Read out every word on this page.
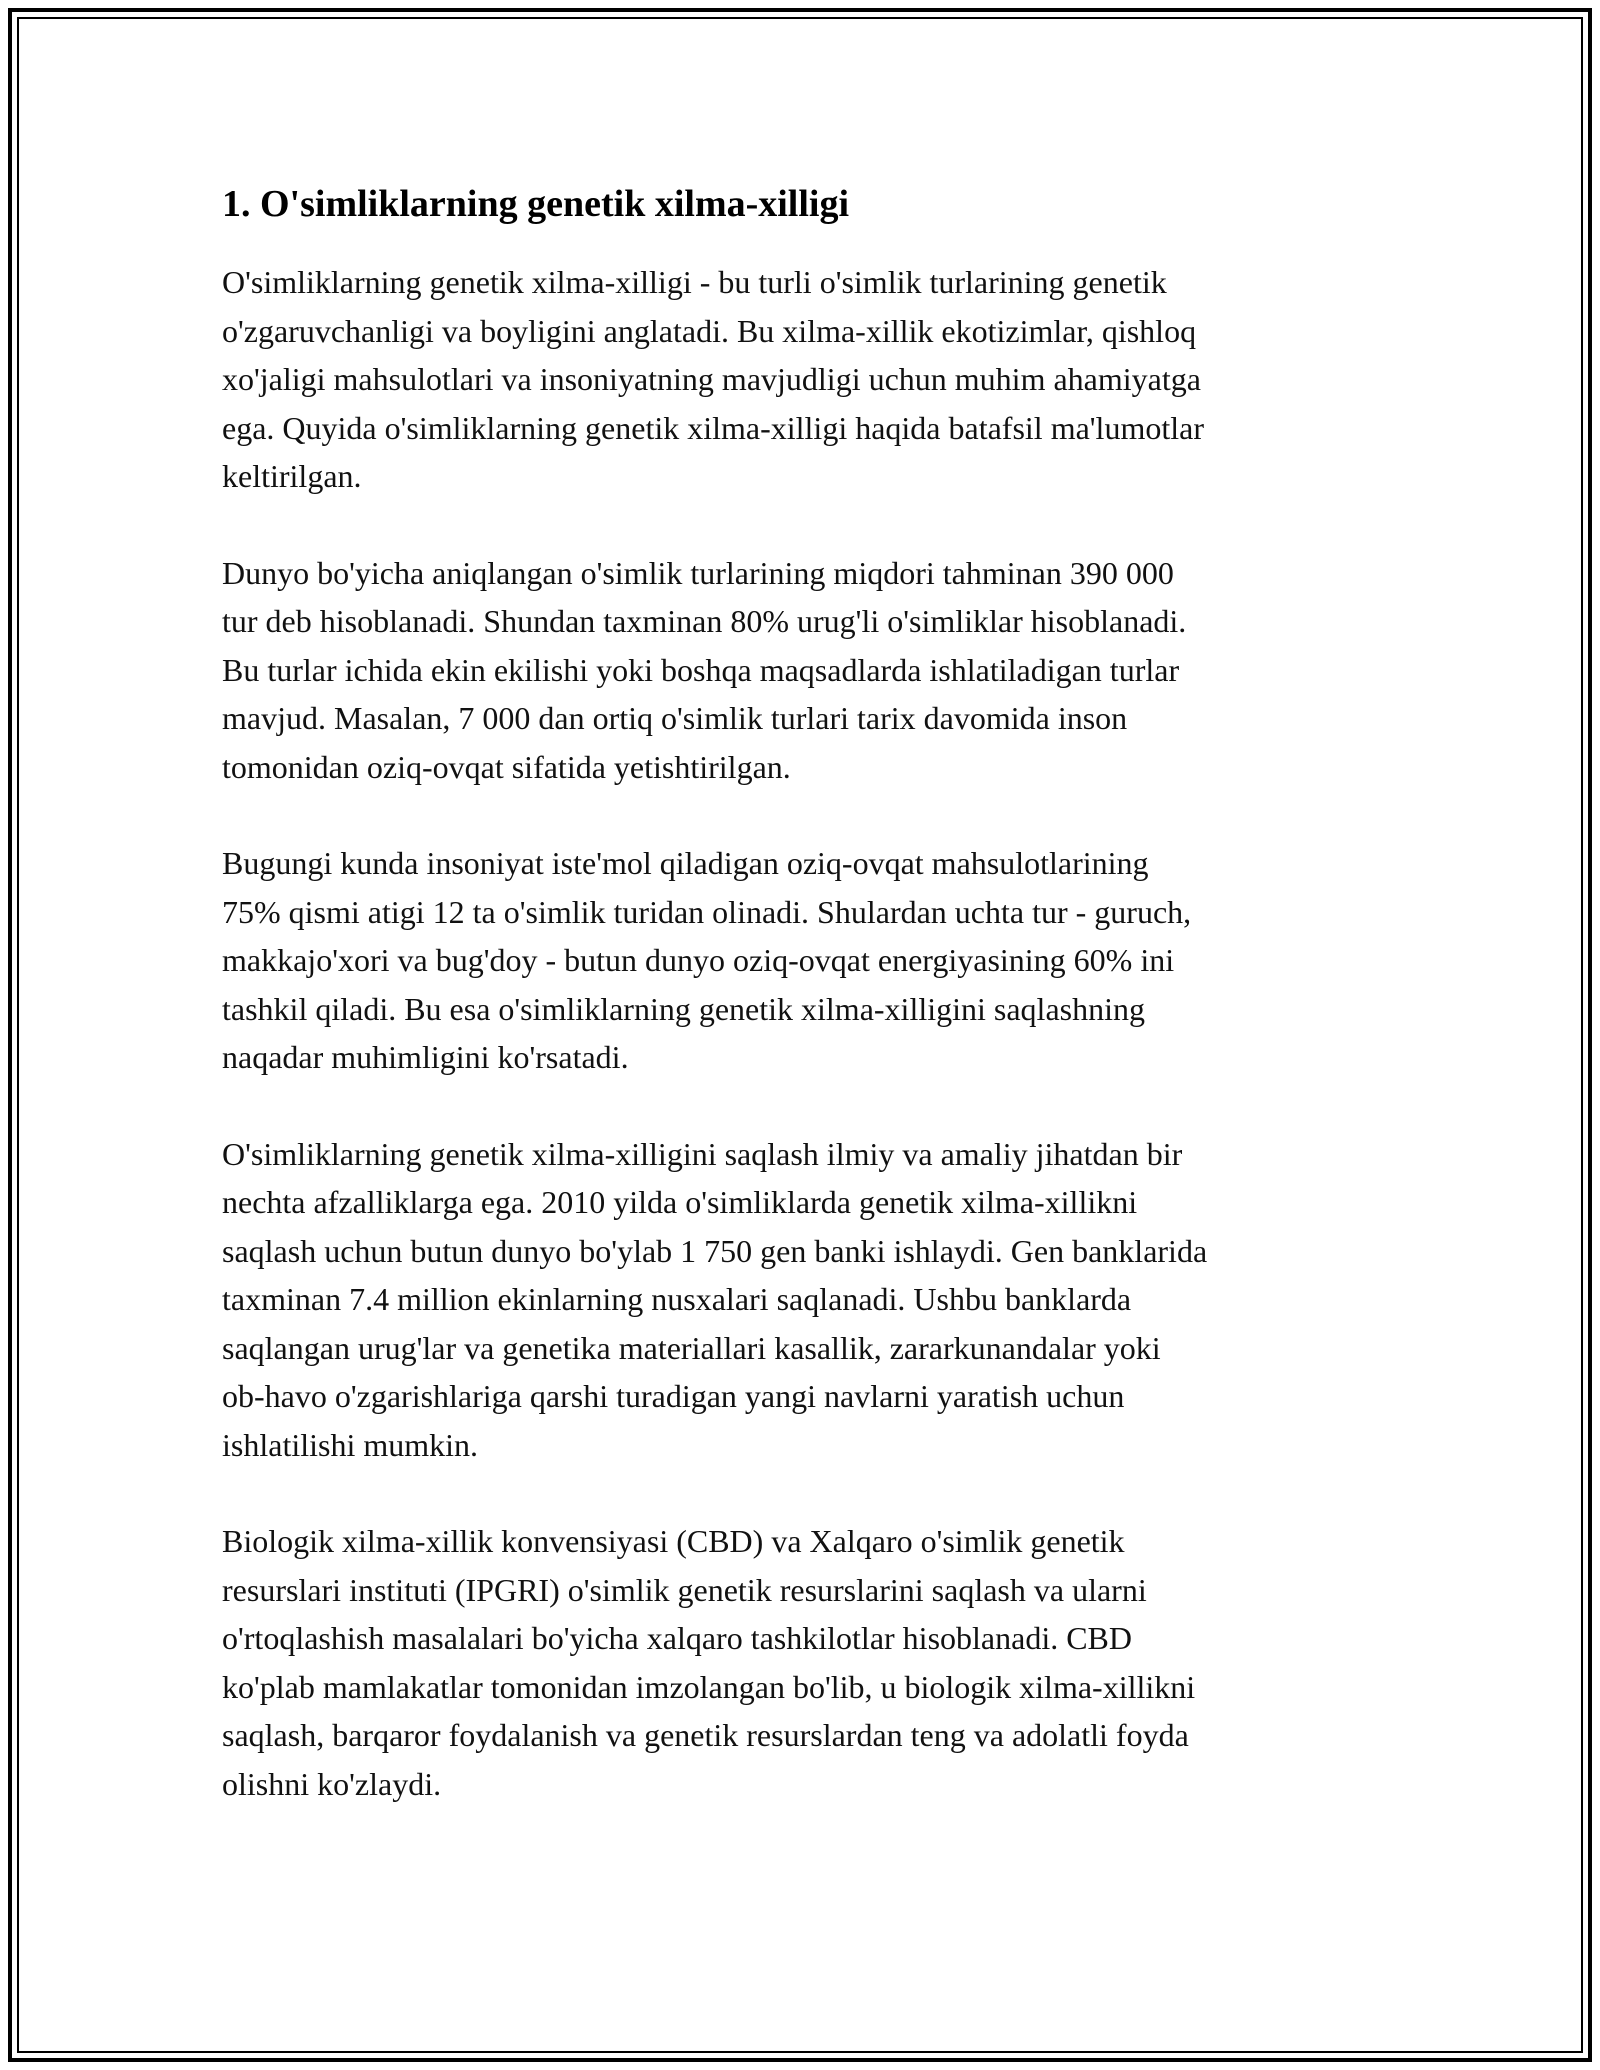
1. O'simliklarning genetik xilma-xilligi

O'simliklarning genetik xilma-xilligi - bu turli o'simlik turlarining genetik
o'zgaruvchanligi va boyligini anglatadi. Bu xilma-xillik ekotizimlar, qishloq
xo'jaligi mahsulotlari va insoniyatning mavjudligi uchun muhim ahamiyatga
ega. Quyida o'simliklarning genetik xilma-xilligi haqida batafsil ma'lumotlar
keltirilgan.

Dunyo bo'yicha aniqlangan o'simlik turlarining miqdori tahminan 390 000
tur deb hisoblanadi. Shundan taxminan 80% urug'li o'simliklar hisoblanadi.
Bu turlar ichida ekin ekilishi yoki boshqa maqsadlarda ishlatiladigan turlar
mavjud. Masalan, 7 000 dan ortiq o'simlik turlari tarix davomida inson
tomonidan oziq-ovqat sifatida yetishtirilgan.

Bugungi kunda insoniyat iste'mol qiladigan oziq-ovqat mahsulotlarining
75% qismi atigi 12 ta o'simlik turidan olinadi. Shulardan uchta tur - guruch,
makkajo'xori va bug'doy - butun dunyo oziq-ovqat energiyasining 60% ini
tashkil qiladi. Bu esa o'simliklarning genetik xilma-xilligini saqlashning
naqadar muhimligini ko'rsatadi.

O'simliklarning genetik xilma-xilligini saqlash ilmiy va amaliy jihatdan bir
nechta afzalliklarga ega. 2010 yilda o'simliklarda genetik xilma-xillikni
saqlash uchun butun dunyo bo'ylab 1 750 gen banki ishlaydi. Gen banklarida
taxminan 7.4 million ekinlarning nusxalari saqlanadi. Ushbu banklarda
saqlangan urug'lar va genetika materiallari kasallik, zararkunandalar yoki
ob-havo o'zgarishlariga qarshi turadigan yangi navlarni yaratish uchun
ishlatilishi mumkin.

Biologik xilma-xillik konvensiyasi (CBD) va Xalqaro o'simlik genetik
resurslari instituti (IPGRI) o'simlik genetik resurslarini saqlash va ularni
o'rtoqlashish masalalari bo'yicha xalqaro tashkilotlar hisoblanadi. CBD
ko'plab mamlakatlar tomonidan imzolangan bo'lib, u biologik xilma-xillikni
saqlash, barqaror foydalanish va genetik resurslardan teng va adolatli foyda
olishni ko'zlaydi.
